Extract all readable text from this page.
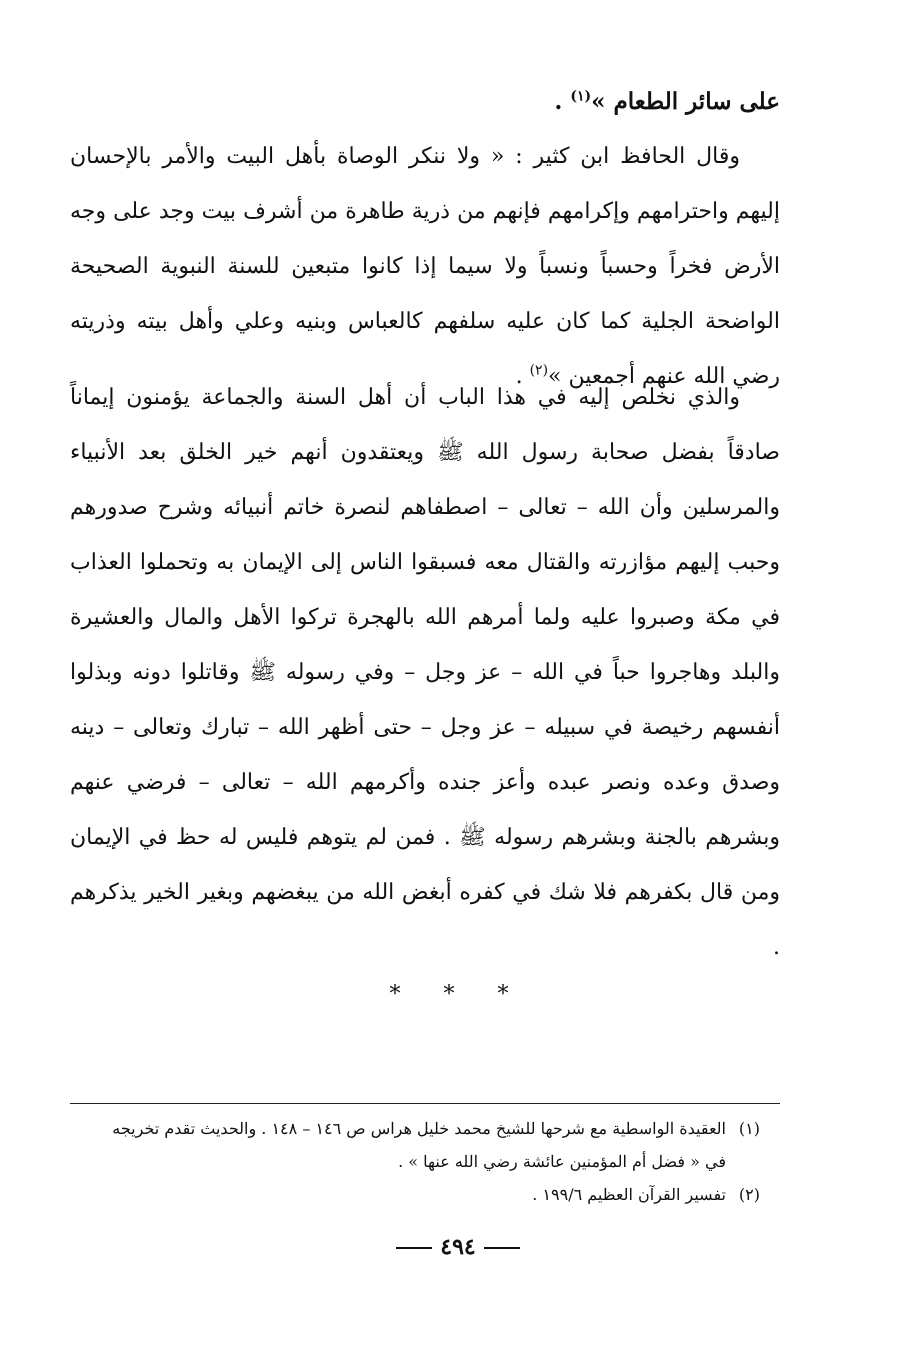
على سائر الطعام »$^{(١)}$ .

وقال الحافظ ابن كثير : « ولا ننكر الوصاة بأهل البيت والأمر بالإحسان إليهم واحترامهم وإكرامهم فإنهم من ذرية طاهرة من أشرف بيت وجد على وجه الأرض فخراً وحسباً ونسباً ولا سيما إذا كانوا متبعين للسنة النبوية الصحيحة الواضحة الجلية كما كان عليه سلفهم كالعباس وبنيه وعلي وأهل بيته وذريته رضي الله عنهم أجمعين »$^{(٢)}$ .

والذي نخلص إليه في هذا الباب أن أهل السنة والجماعة يؤمنون إيماناً صادقاً بفضل صحابة رسول الله ﷺ ويعتقدون أنهم خير الخلق بعد الأنبياء والمرسلين وأن الله – تعالى – اصطفاهم لنصرة خاتم أنبيائه وشرح صدورهم وحبب إليهم مؤازرته والقتال معه فسبقوا الناس إلى الإيمان به وتحملوا العذاب في مكة وصبروا عليه ولما أمرهم الله بالهجرة تركوا الأهل والمال والعشيرة والبلد وهاجروا حباً في الله – عز وجل – وفي رسوله ﷺ وقاتلوا دونه وبذلوا أنفسهم رخيصة في سبيله – عز وجل – حتى أظهر الله – تبارك وتعالى – دينه وصدق وعده ونصر عبده وأعز جنده وأكرمهم الله – تعالى – فرضي عنهم وبشرهم بالجنة وبشرهم رسوله ﷺ . فمن لم يتوهم فليس له حظ في الإيمان ومن قال بكفرهم فلا شك في كفره أبغض الله من يبغضهم وبغير الخير يذكرهم .

* * *

(١)العقيدة الواسطية مع شرحها للشيخ محمد خليل هراس ص ١٤٦ – ١٤٨ . والحديث تقدم تخريجه

في « فضل أم المؤمنين عائشة رضي الله عنها » .

(٢)تفسير القرآن العظيم ١٩٩/٦ .

٤٩٤
